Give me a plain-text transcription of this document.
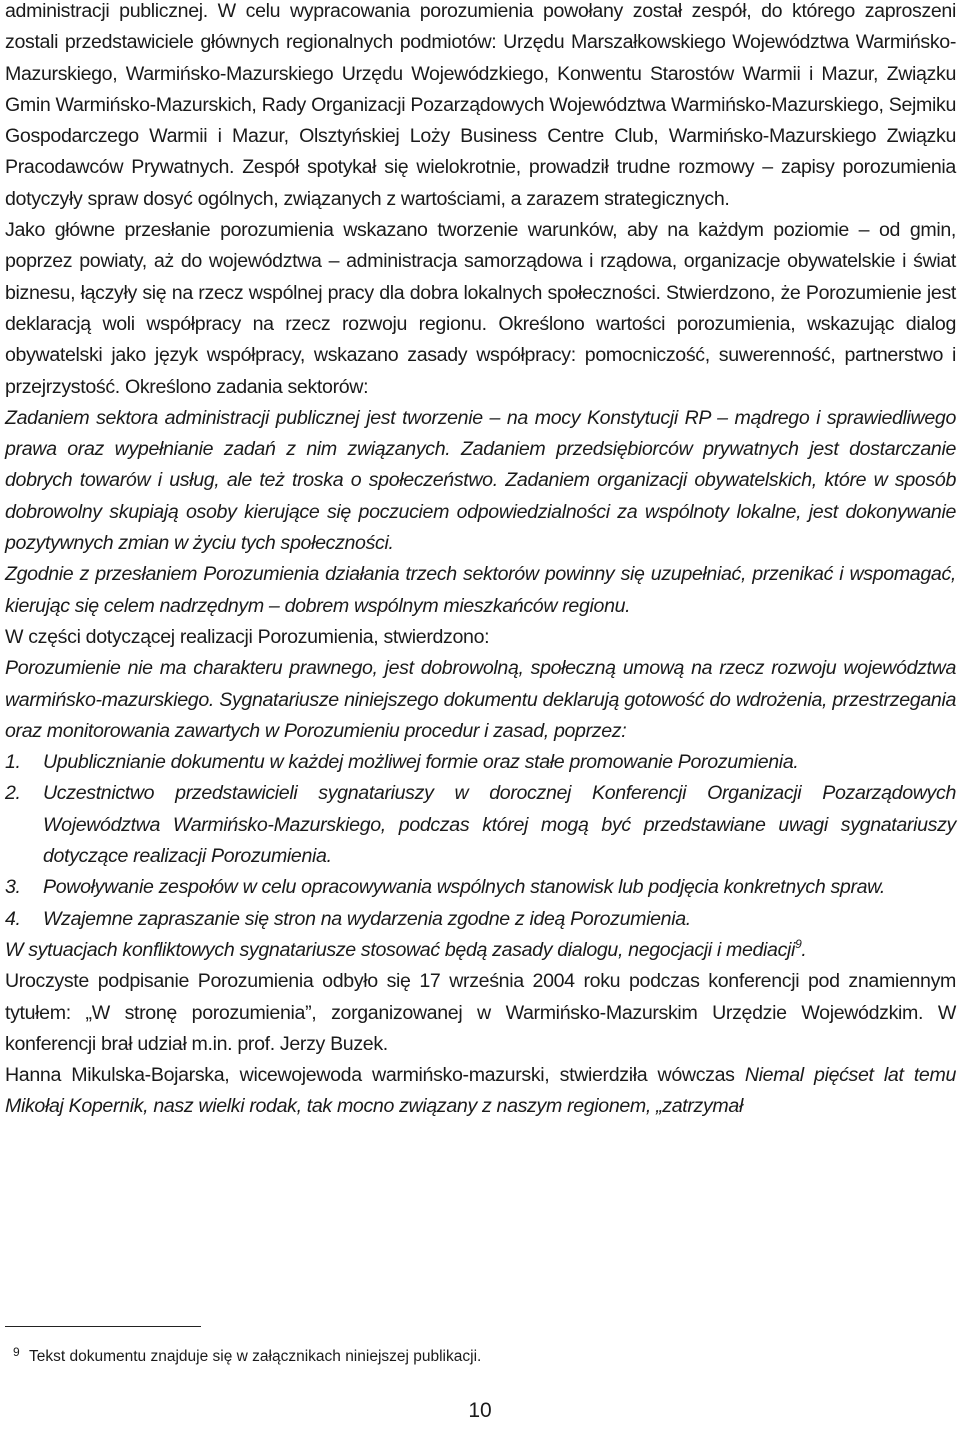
administracji publicznej. W celu wypracowania porozumienia powołany został zespół, do którego zaproszeni zostali przedstawiciele głównych regionalnych podmiotów: Urzędu Marszałkowskiego Województwa Warmińsko-Mazurskiego, Warmińsko-Mazurskiego Urzędu Wojewódzkiego, Konwentu Starostów Warmii i Mazur, Związku Gmin Warmińsko-Mazurskich, Rady Organizacji Pozarządowych Województwa Warmińsko-Mazurskiego, Sejmiku Gospodarczego Warmii i Mazur, Olsztyńskiej Loży Business Centre Club, Warmińsko-Mazurskiego Związku Pracodawców Prywatnych. Zespół spotykał się wielokrotnie, prowadził trudne rozmowy – zapisy porozumienia dotyczyły spraw dosyć ogólnych, związanych z wartościami, a zarazem strategicznych.

Jako główne przesłanie porozumienia wskazano tworzenie warunków, aby na każdym poziomie – od gmin, poprzez powiaty, aż do województwa – administracja samorządowa i rządowa, organizacje obywatelskie i świat biznesu, łączyły się na rzecz wspólnej pracy dla dobra lokalnych społeczności. Stwierdzono, że Porozumienie jest deklaracją woli współpracy na rzecz rozwoju regionu. Określono wartości porozumienia, wskazując dialog obywatelski jako język współpracy, wskazano zasady współpracy: pomocniczość, suwerenność, partnerstwo i przejrzystość. Określono zadania sektorów:
Zadaniem sektora administracji publicznej jest tworzenie – na mocy Konstytucji RP – mądrego i sprawiedliwego prawa oraz wypełnianie zadań z nim związanych. Zadaniem przedsiębiorców prywatnych jest dostarczanie dobrych towarów i usług, ale też troska o społeczeństwo. Zadaniem organizacji obywatelskich, które w sposób dobrowolny skupiają osoby kierujące się poczuciem odpowiedzialności za wspólnoty lokalne, jest dokonywanie pozytywnych zmian w życiu tych społeczności.

Zgodnie z przesłaniem Porozumienia działania trzech sektorów powinny się uzupełniać, przenikać i wspomagać, kierując się celem nadrzędnym – dobrem wspólnym mieszkańców regionu.

W części dotyczącej realizacji Porozumienia, stwierdzono:

Porozumienie nie ma charakteru prawnego, jest dobrowolną, społeczną umową na rzecz rozwoju województwa warmińsko-mazurskiego. Sygnatariusze niniejszego dokumentu deklarują gotowość do wdrożenia, przestrzegania oraz monitorowania zawartych w Porozumieniu procedur i zasad, poprzez:

1. Upublicznianie dokumentu w każdej możliwej formie oraz stałe promowanie Porozumienia.
2. Uczestnictwo przedstawicieli sygnatariuszy w dorocznej Konferencji Organizacji Pozarządowych Województwa Warmińsko-Mazurskiego, podczas której mogą być przedstawiane uwagi sygnatariuszy dotyczące realizacji Porozumienia.
3. Powoływanie zespołów w celu opracowywania wspólnych stanowisk lub podjęcia konkretnych spraw.
4. Wzajemne zapraszanie się stron na wydarzenia zgodne z ideą Porozumienia.

W sytuacjach konfliktowych sygnatariusze stosować będą zasady dialogu, negocjacji i mediacji$^9$.

Uroczyste podpisanie Porozumienia odbyło się 17 września 2004 roku podczas konferencji pod znamiennym tytułem: „W stronę porozumienia”, zorganizowanej w Warmińsko-Mazurskim Urzędzie Wojewódzkim. W konferencji brał udział m.in. prof. Jerzy Buzek.

Hanna Mikulska-Bojarska, wicewojewoda warmińsko-mazurski, stwierdziła wówczas Niemal pięćset lat temu Mikołaj Kopernik, nasz wielki rodak, tak mocno związany z naszym regionem, „zatrzymał

9 Tekst dokumentu znajduje się w załącznikach niniejszej publikacji.
10
